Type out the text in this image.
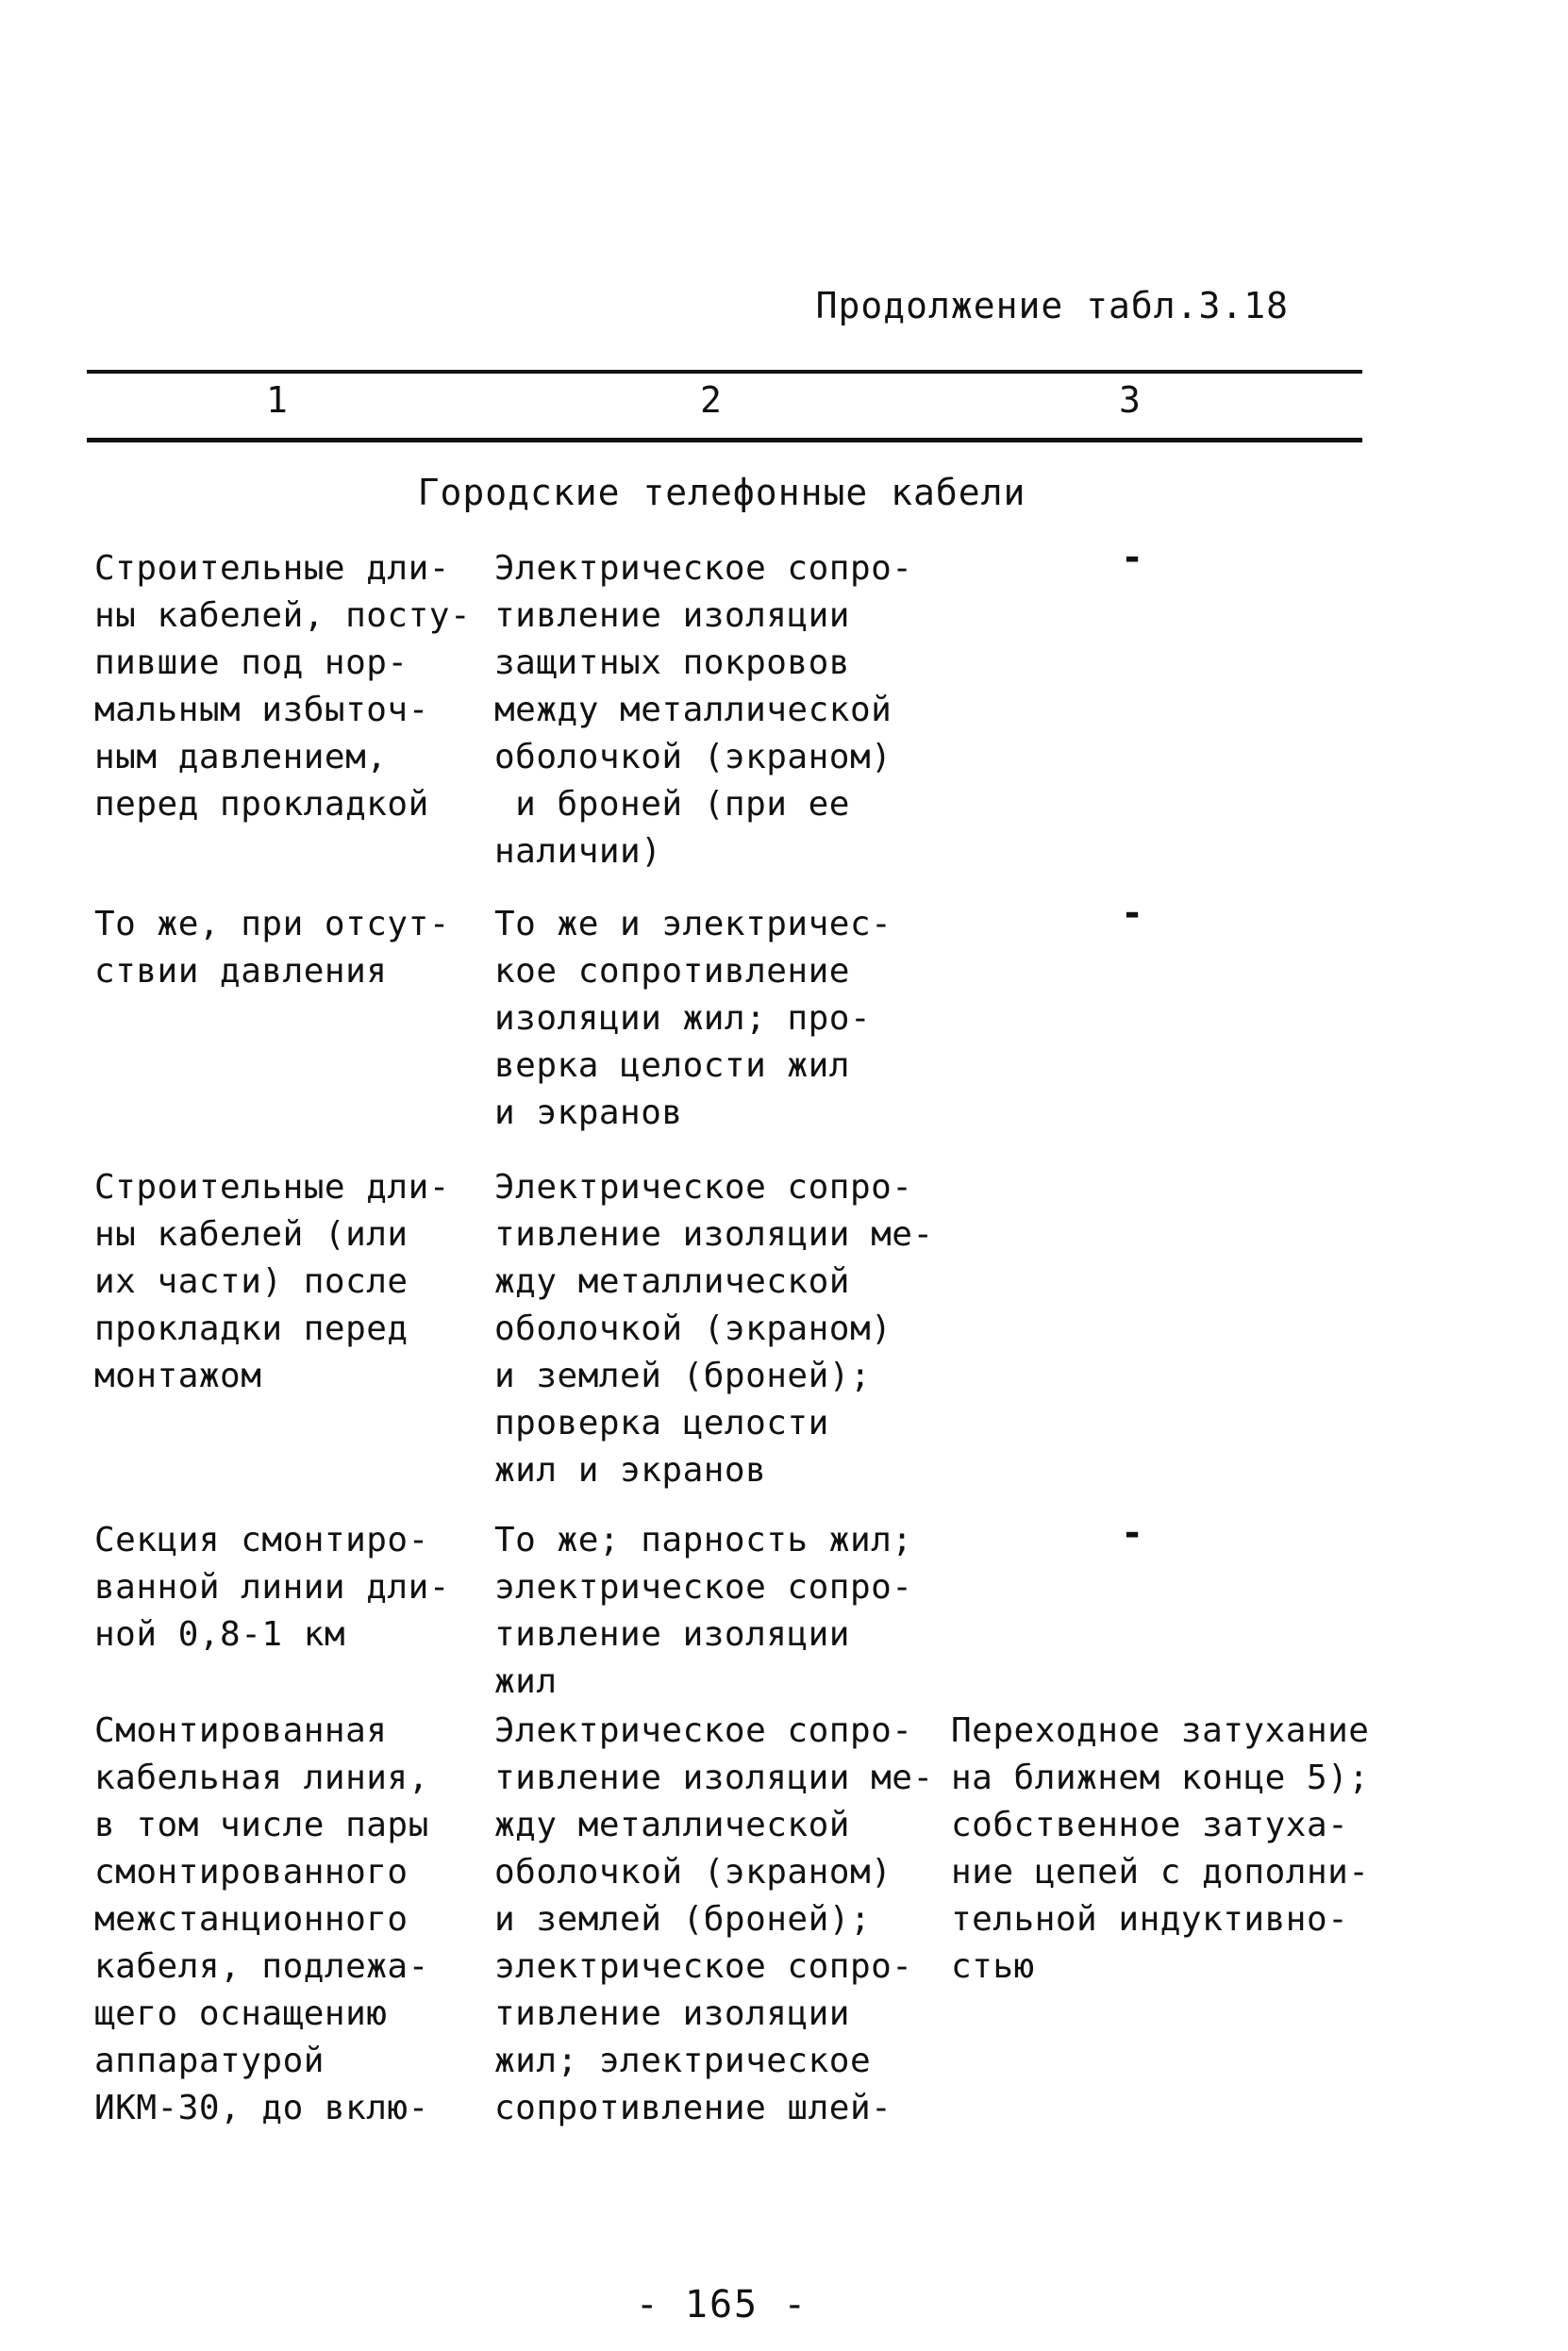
Продолжение табл.3.18
1	2	3
Городские телефонные кабели
Строительные дли-
ны кабелей, посту-
пившие под нор-
мальным избыточ-
ным давлением,
перед прокладкой
Электрическое сопро-
тивление изоляции
защитных покровов
между металлической
оболочкой (экраном)
и броней (при ее
наличии)
-
То же, при отсут-
ствии давления
То же и электричес-
кое сопротивление
изоляции жил; про-
верка целости жил
и экранов
-
Строительные дли-
ны кабелей (или
их части) после
прокладки перед
монтажом
Электрическое сопро-
тивление изоляции ме-
жду металлической
оболочкой (экраном)
и землей (броней);
проверка целости
жил и экранов
Секция смонтиро-
ванной линии дли-
ной 0,8-1 км
То же; парность жил;
электрическое сопро-
тивление изоляции
жил
-
Смонтированная
кабельная линия,
в том числе пары
смонтированного
межстанционного
кабеля, подлежа-
щего оснащению
аппаратурой
ИКМ-30, до вклю-
Электрическое сопро-
тивление изоляции ме-
жду металлической
оболочкой (экраном)
и землей (броней);
электрическое сопро-
тивление изоляции
жил; электрическое
сопротивление шлей-
Переходное затухание
на ближнем конце 5);
собственное затуха-
ние цепей с дополни-
тельной индуктивно-
стью
- 165 -
